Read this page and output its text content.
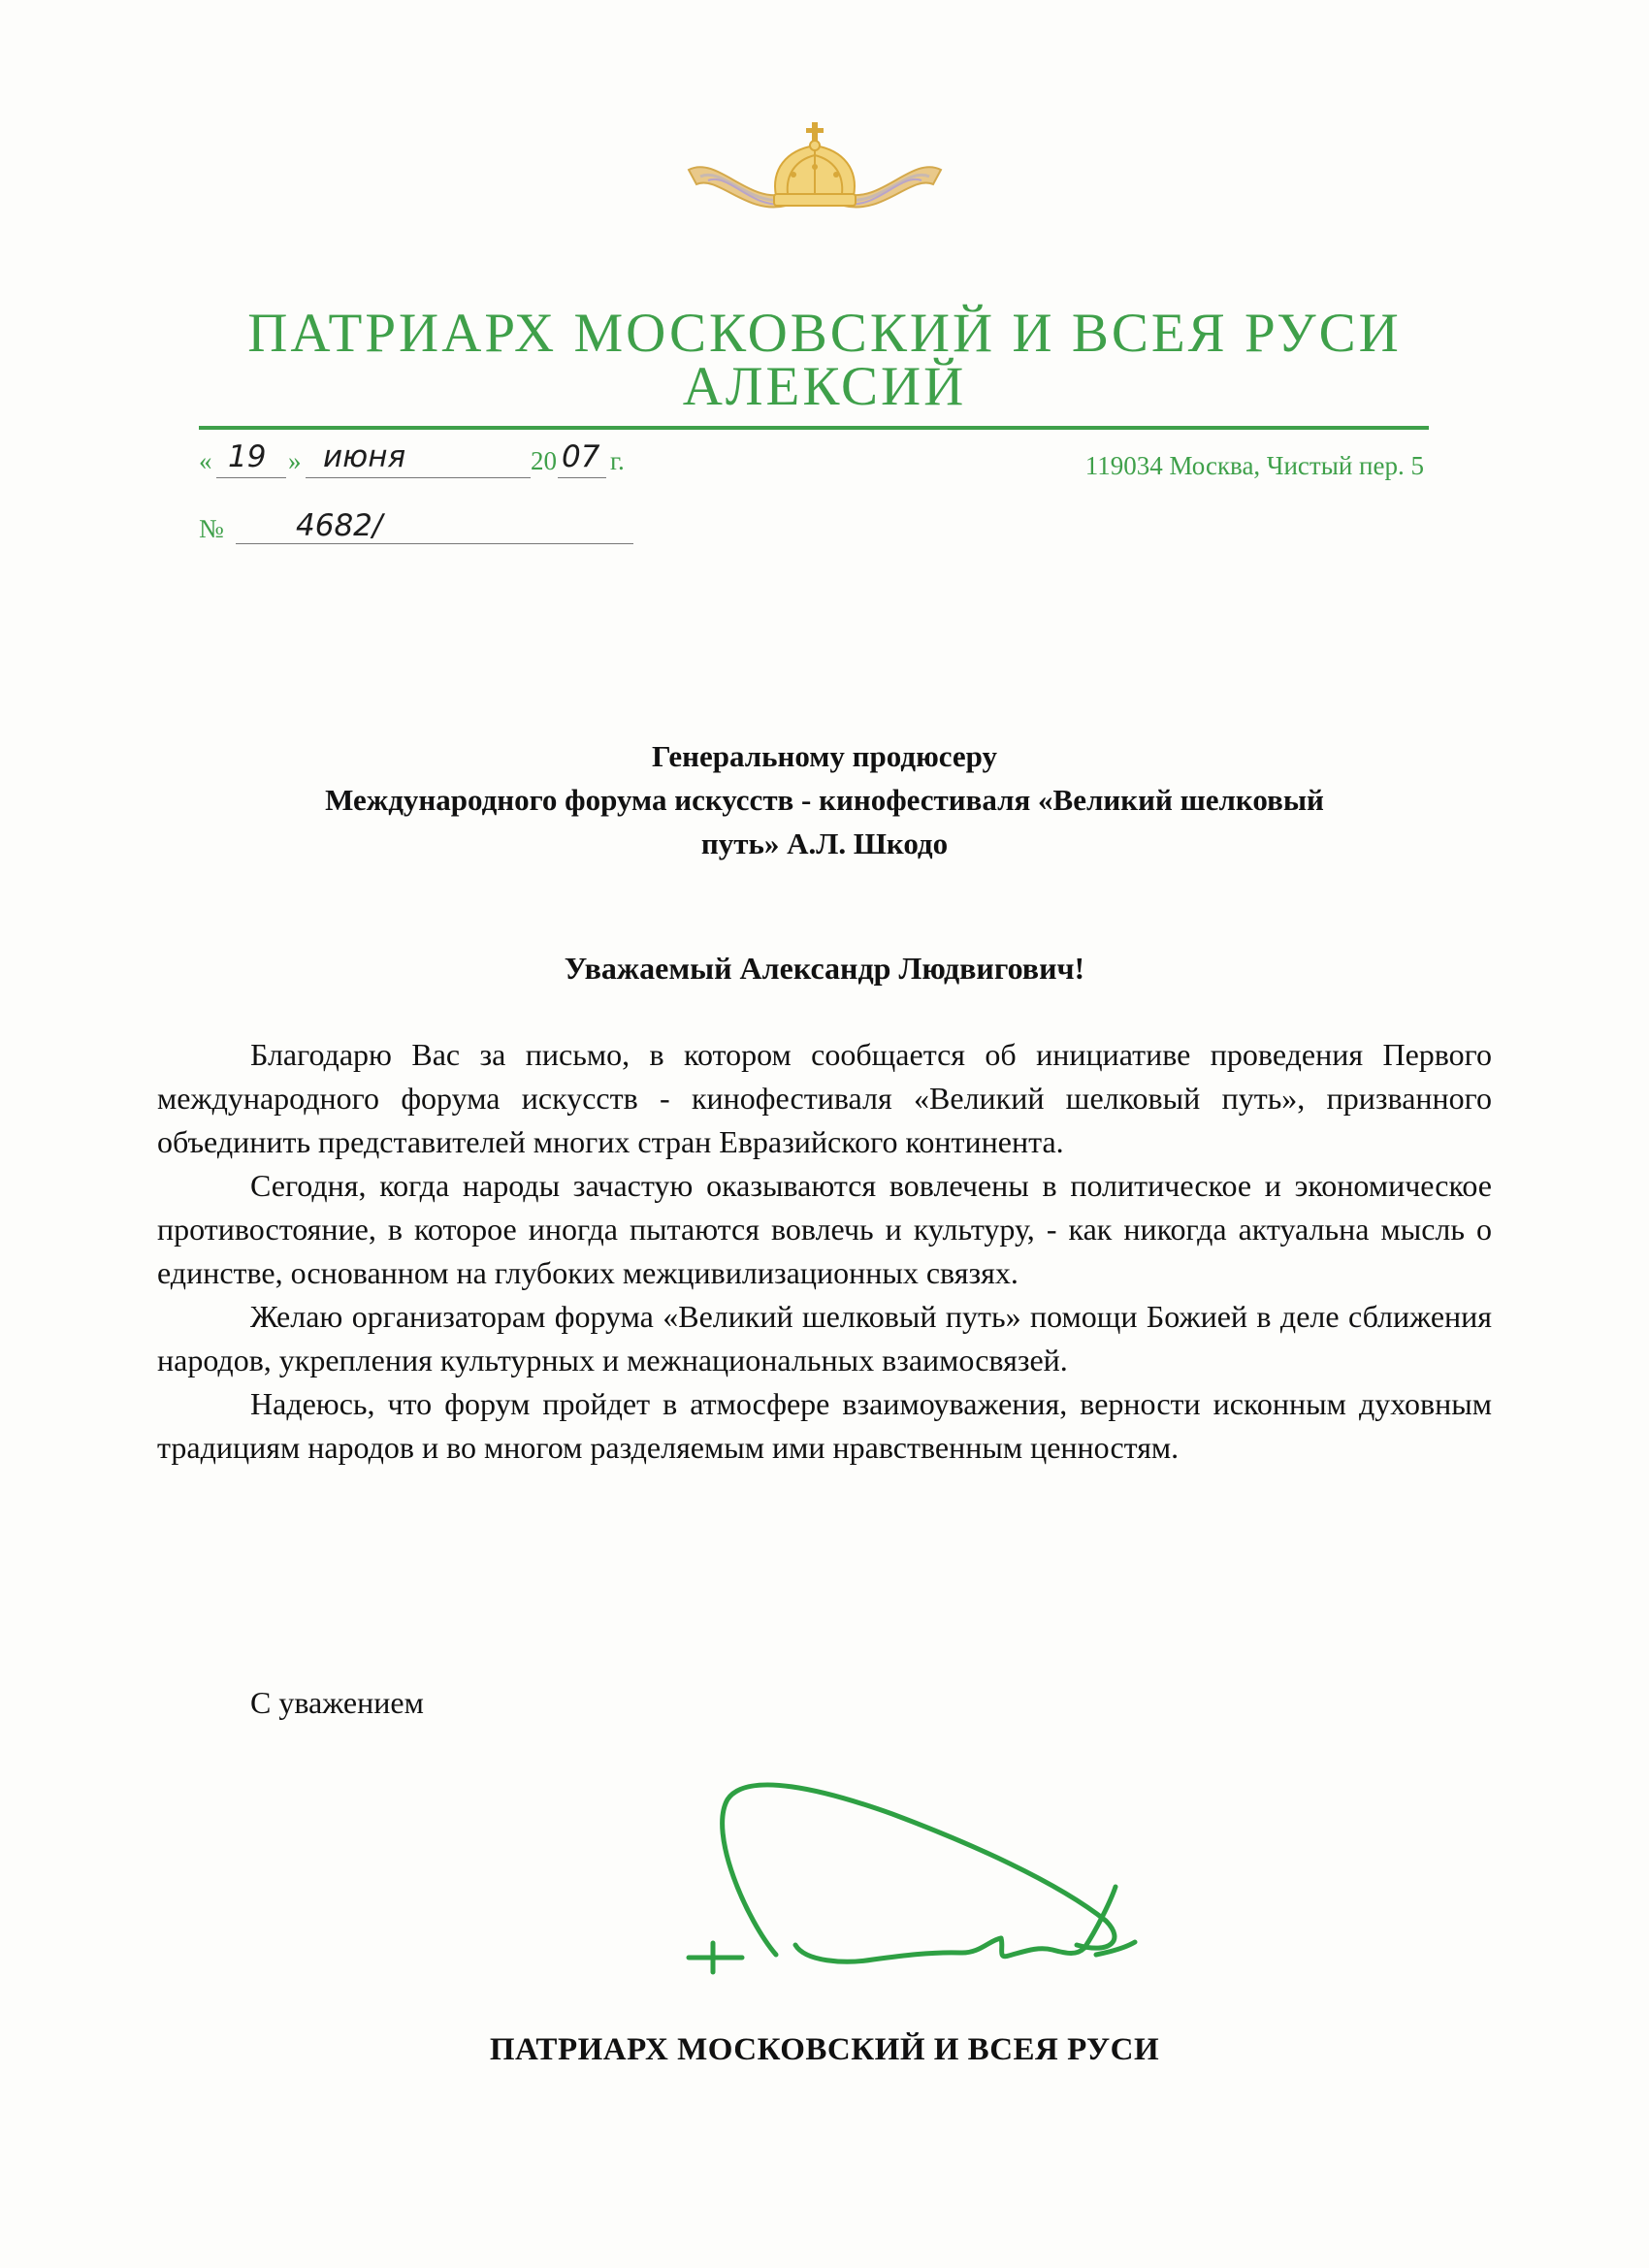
ПАТРИАРХ МОСКОВСКИЙ И ВСЕЯ РУСИ
АЛЕКСИЙ
« 19 » июня	20 07 г.	119034 Москва, Чистый пер. 5
№ 4682/
Генеральному продюсеру
Международного форума искусств - кинофестиваля «Великий шелковый
путь» А.Л. Шкодо
Уважаемый Александр Людвигович!

Благодарю Вас за письмо, в котором сообщается об инициативе проведения Первого международного форума искусств - кинофестиваля «Великий шелковый путь», призванного объединить представителей многих стран Евразийского континента.

Сегодня, когда народы зачастую оказываются вовлечены в политическое и экономическое противостояние, в которое иногда пытаются вовлечь и культуру, - как никогда актуальна мысль о единстве, основанном на глубоких межцивилизационных связях.

Желаю организаторам форума «Великий шелковый путь» помощи Божией в деле сближения народов, укрепления культурных и межнациональных взаимосвязей.

Надеюсь, что форум пройдет в атмосфере взаимоуважения, верности исконным духовным традициям народов и во многом разделяемым ими нравственным ценностям.

С уважением
ПАТРИАРХ МОСКОВСКИЙ И ВСЕЯ РУСИ
